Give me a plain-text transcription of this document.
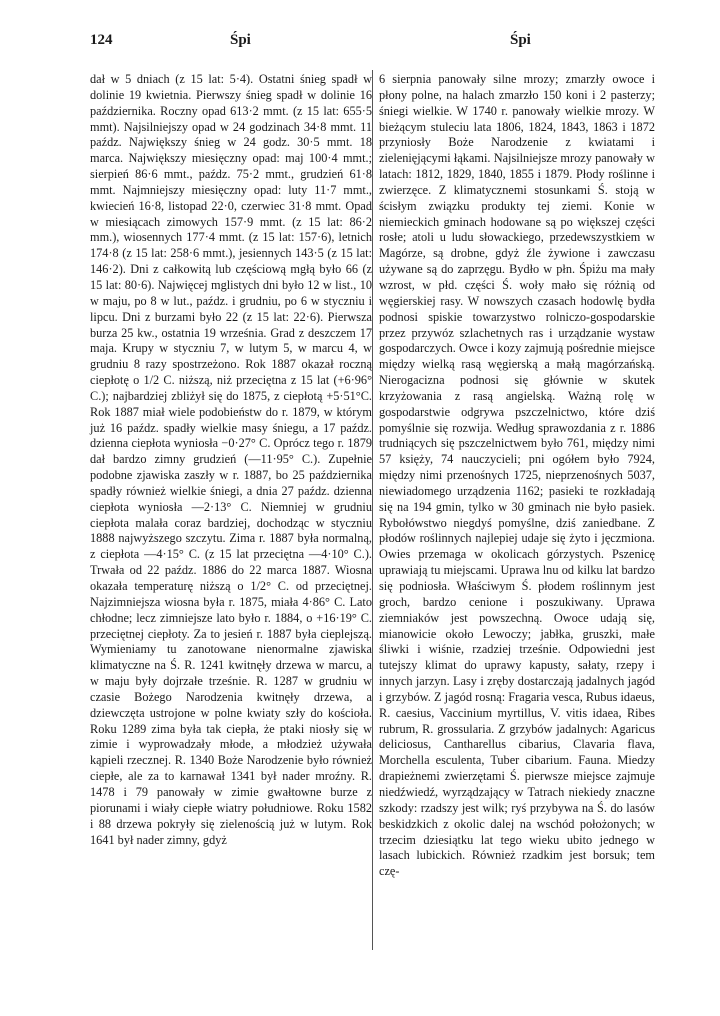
124	Śpi	Śpi

dał w 5 dniach (z 15 lat: 5·4). Ostatni śnieg spadł w dolinie 19 kwietnia. Pierwszy śnieg spadł w dolinie 16 października. Roczny opad 613·2 mmt. (z 15 lat: 655·5 mmt). Najsilniejszy opad w 24 godzinach 34·8 mmt. 11 paźdz. Największy śnieg w 24 godz. 30·5 mmt. 18 marca. Największy miesięczny opad: maj 100·4 mmt.; sierpień 86·6 mmt., paźdz. 75·2 mmt., grudzień 61·8 mmt. Najmniejszy miesięczny opad: luty 11·7 mmt., kwiecień 16·8, listopad 22·0, czerwiec 31·8 mmt. Opad w miesiącach zimowych 157·9 mmt. (z 15 lat: 86·2 mm.), wiosennych 177·4 mmt. (z 15 lat: 157·6), letnich 174·8 (z 15 lat: 258·6 mmt.), jesiennych 143·5 (z 15 lat: 146·2). Dni z całkowitą lub częściową mgłą było 66 (z 15 lat: 80·6). Najwięcej mglistych dni było 12 w list., 10 w maju, po 8 w lut., paźdz. i grudniu, po 6 w styczniu i lipcu. Dni z burzami było 22 (z 15 lat: 22·6). Pierwsza burza 25 kw., ostatnia 19 września. Grad z deszczem 17 maja. Krupy w styczniu 7, w lutym 5, w marcu 4, w grudniu 8 razy spostrzeżono. Rok 1887 okazał roczną ciepłotę o 1/2 C. niższą, niż przeciętna z 15 lat (+6·96° C.); najbardziej zbliżył się do 1875, z ciepłotą +5·51°C. Rok 1887 miał wiele podobieństw do r. 1879, w którym już 16 paźdz. spadły wielkie masy śniegu, a 17 paźdz. dzienna ciepłota wyniosła −0·27° C. Oprócz tego r. 1879 dał bardzo zimny grudzień (—11·95° C.). Zupełnie podobne zjawiska zaszły w r. 1887, bo 25 października spadły również wielkie śniegi, a dnia 27 paźdz. dzienna ciepłota wyniosła —2·13° C. Niemniej w grudniu ciepłota malała coraz bardziej, dochodząc w styczniu 1888 najwyższego szczytu. Zima r. 1887 była normalną, z ciepłota —4·15° C. (z 15 lat przeciętna —4·10° C.). Trwała od 22 paźdz. 1886 do 22 marca 1887. Wiosna okazała temperaturę niższą o 1/2° C. od przeciętnej. Najzimniejsza wiosna była r. 1875, miała 4·86° C. Lato chłodne; lecz zimniejsze lato było r. 1884, o +16·19° C. przeciętnej ciepłoty. Za to jesień r. 1887 była cieplejszą. Wymieniamy tu zanotowane nienormalne zjawiska klimatyczne na Ś. R. 1241 kwitnęły drzewa w marcu, a w maju były dojrzałe trześnie. R. 1287 w grudniu w czasie Bożego Narodzenia kwitnęły drzewa, a dziewczęta ustrojone w polne kwiaty szły do kościoła. Roku 1289 zima była tak ciepła, że ptaki niosły się w zimie i wyprowadzały młode, a młodzież używała kąpieli rzecznej. R. 1340 Boże Narodzenie było również ciepłe, ale za to karnawał 1341 był nader mroźny. R. 1478 i 79 panowały w zimie gwałtowne burze z piorunami i wiały ciepłe wiatry południowe. Roku 1582 i 88 drzewa pokryły się zielenością już w lutym. Rok 1641 był nader zimny, gdyż

6 sierpnia panowały silne mrozy; zmarzły owoce i płony polne, na halach zmarzło 150 koni i 2 pasterzy; śniegi wielkie. W 1740 r. panowały wielkie mrozy. W bieżącym stuleciu lata 1806, 1824, 1843, 1863 i 1872 przyniosły Boże Narodzenie z kwiatami i zielenięjącymi łąkami. Najsilniejsze mrozy panowały w latach: 1812, 1829, 1840, 1855 i 1879. Płody roślinne i zwierzęce. Z klimatycznemi stosunkami Ś. stoją w ścisłym związku produkty tej ziemi. Konie w niemieckich gminach hodowane są po większej części rosłe; atoli u ludu słowackiego, przedewszystkiem w Magórze, są drobne, gdyż źle żywione i zawczasu używane są do zaprzęgu. Bydło w płn. Śpiżu ma mały wzrost, w płd. części Ś. woły mało się różnią od węgierskiej rasy. W nowszych czasach hodowlę bydła podnosi spiskie towarzystwo rolniczo-gospodarskie przez przywóz szlachetnych ras i urządzanie wystaw gospodarczych. Owce i kozy zajmują pośrednie miejsce między wielką rasą węgierską a małą magórzańską. Nierogacizna podnosi się głównie w skutek krzyżowania z rasą angielską. Ważną rolę w gospodarstwie odgrywa pszczelnictwo, które dziś pomyślnie się rozwija. Według sprawozdania z r. 1886 trudniących się pszczelnictwem było 761, między nimi 57 księży, 74 nauczycieli; pni ogółem było 7924, między nimi przenośnych 1725, nieprzenośnych 5037, niewiadomego urządzenia 1162; pasieki te rozkładają się na 194 gmin, tylko w 30 gminach nie było pasiek. Rybołówstwo niegdyś pomyślne, dziś zaniedbane. Z płodów roślinnych najlepiej udaje się żyto i jęczmiona. Owies przemaga w okolicach górzystych. Pszenicę uprawiają tu miejscami. Uprawa lnu od kilku lat bardzo się podniosła. Właściwym Ś. płodem roślinnym jest groch, bardzo cenione i poszukiwany. Uprawa ziemniaków jest powszechną. Owoce udają się, mianowicie około Lewoczy; jabłka, gruszki, małe śliwki i wiśnie, rzadziej trześnie. Odpowiedni jest tutejszy klimat do uprawy kapusty, sałaty, rzepy i innych jarzyn. Lasy i zręby dostarczają jadalnych jagód i grzybów. Z jagód rosną: Fragaria vesca, Rubus idaeus, R. caesius, Vaccinium myrtillus, V. vitis idaea, Ribes rubrum, R. grossularia. Z grzybów jadalnych: Agaricus deliciosus, Cantharellus cibarius, Clavaria flava, Morchella esculenta, Tuber cibarium. Fauna. Miedzy drapieżnemi zwierzętami Ś. pierwsze miejsce zajmuje niedźwiedź, wyrządzający w Tatrach niekiedy znaczne szkody: rzadszy jest wilk; ryś przybywa na Ś. do lasów beskidzkich z okolic dalej na wschód położonych; w trzecim dziesiątku lat tego wieku ubito jednego w lasach lubickich. Również rzadkim jest borsuk; tem czę-
